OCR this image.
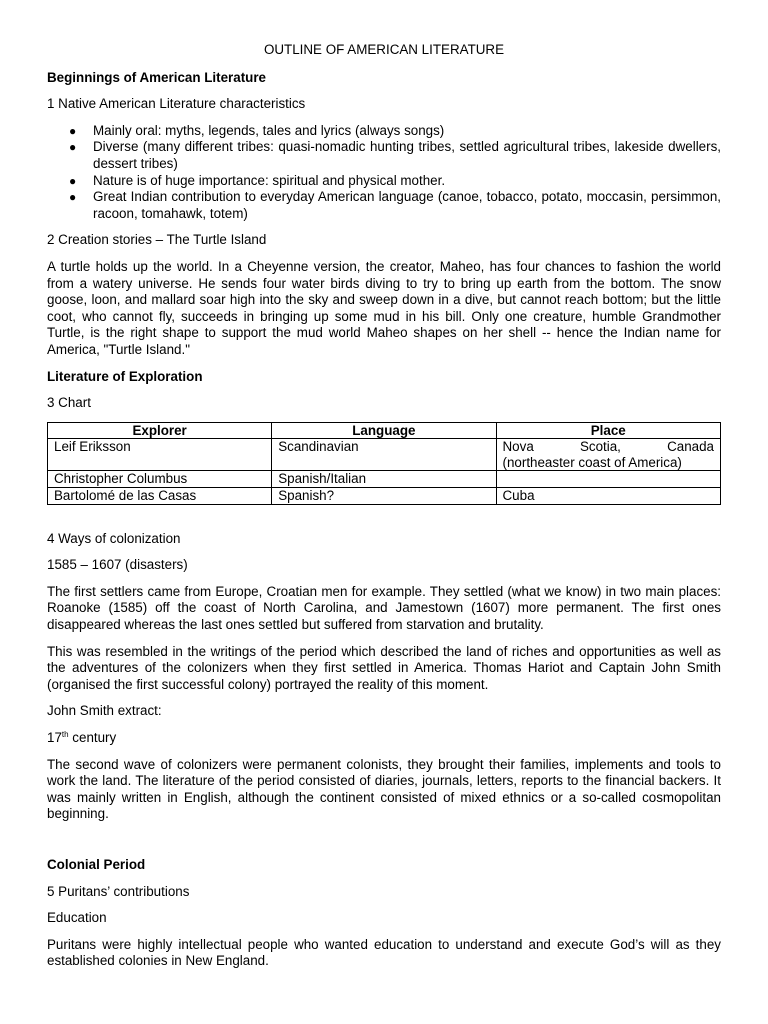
OUTLINE OF AMERICAN LITERATURE
Beginnings of American Literature

1 Native American Literature characteristics

● Mainly oral: myths, legends, tales and lyrics (always songs)
● Diverse (many different tribes: quasi-nomadic hunting tribes, settled agricultural tribes, lakeside dwellers, dessert tribes)
● Nature is of huge importance: spiritual and physical mother.
● Great Indian contribution to everyday American language (canoe, tobacco, potato, moccasin, persimmon, racoon, tomahawk, totem)

2 Creation stories – The Turtle Island

A turtle holds up the world. In a Cheyenne version, the creator, Maheo, has four chances to fashion the world from a watery universe. He sends four water birds diving to try to bring up earth from the bottom. The snow goose, loon, and mallard soar high into the sky and sweep down in a dive, but cannot reach bottom; but the little coot, who cannot fly, succeeds in bringing up some mud in his bill. Only one creature, humble Grandmother Turtle, is the right shape to support the mud world Maheo shapes on her shell -- hence the Indian name for America, "Turtle Island."

Literature of Exploration

3 Chart

Explorer	Language	Place
Leif Eriksson	Scandinavian	Nova Scotia, Canada
(northeaster coast of America)

Christopher Columbus	Spanish/Italian	
Bartolomé de las Casas	Spanish?	Cuba

4 Ways of colonization

1585 – 1607 (disasters)

The first settlers came from Europe, Croatian men for example. They settled (what we know) in two main places: Roanoke (1585) off the coast of North Carolina, and Jamestown (1607) more permanent. The first ones disappeared whereas the last ones settled but suffered from starvation and brutality.

This was resembled in the writings of the period which described the land of riches and opportunities as well as the adventures of the colonizers when they first settled in America. Thomas Hariot and Captain John Smith (organised the first successful colony) portrayed the reality of this moment.

John Smith extract:

17th century

The second wave of colonizers were permanent colonists, they brought their families, implements and tools to work the land. The literature of the period consisted of diaries, journals, letters, reports to the financial backers. It was mainly written in English, although the continent consisted of mixed ethnics or a so-called cosmopolitan beginning.

Colonial Period

5 Puritans’ contributions

Education

Puritans were highly intellectual people who wanted education to understand and execute God’s will as they established colonies in New England.
